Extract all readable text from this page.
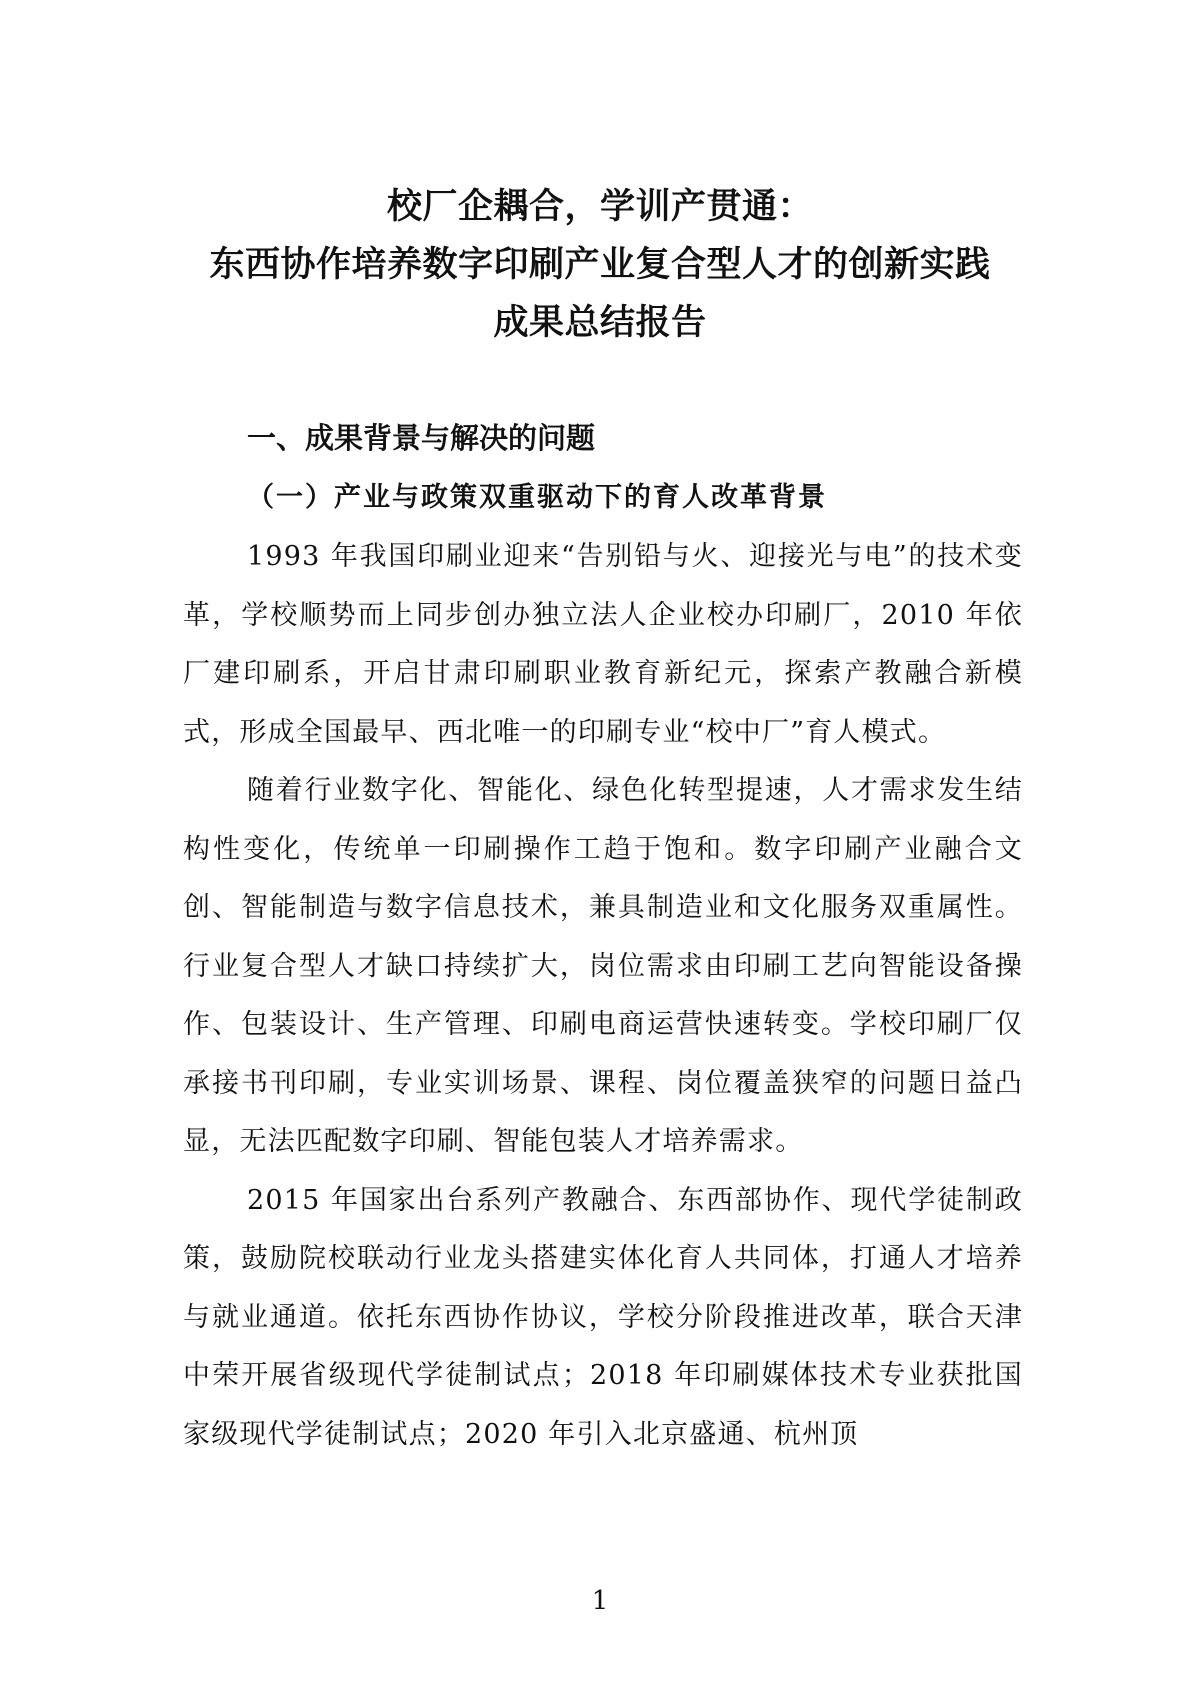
校厂企耦合，学训产贯通：
东西协作培养数字印刷产业复合型人才的创新实践
成果总结报告
一、成果背景与解决的问题
（一）产业与政策双重驱动下的育人改革背景

1993 年我国印刷业迎来“告别铅与火、迎接光与电”的技术变革，学校顺势而上同步创办独立法人企业校办印刷厂，2010 年依厂建印刷系，开启甘肃印刷职业教育新纪元，探索产教融合新模式，形成全国最早、西北唯一的印刷专业“校中厂”育人模式。

随着行业数字化、智能化、绿色化转型提速，人才需求发生结构性变化，传统单一印刷操作工趋于饱和。数字印刷产业融合文创、智能制造与数字信息技术，兼具制造业和文化服务双重属性。行业复合型人才缺口持续扩大，岗位需求由印刷工艺向智能设备操作、包装设计、生产管理、印刷电商运营快速转变。学校印刷厂仅承接书刊印刷，专业实训场景、课程、岗位覆盖狭窄的问题日益凸显，无法匹配数字印刷、智能包装人才培养需求。

2015 年国家出台系列产教融合、东西部协作、现代学徒制政策，鼓励院校联动行业龙头搭建实体化育人共同体，打通人才培养与就业通道。依托东西协作协议，学校分阶段推进改革，联合天津中荣开展省级现代学徒制试点；2018 年印刷媒体技术专业获批国家级现代学徒制试点；2020 年引入北京盛通、杭州顶

1
